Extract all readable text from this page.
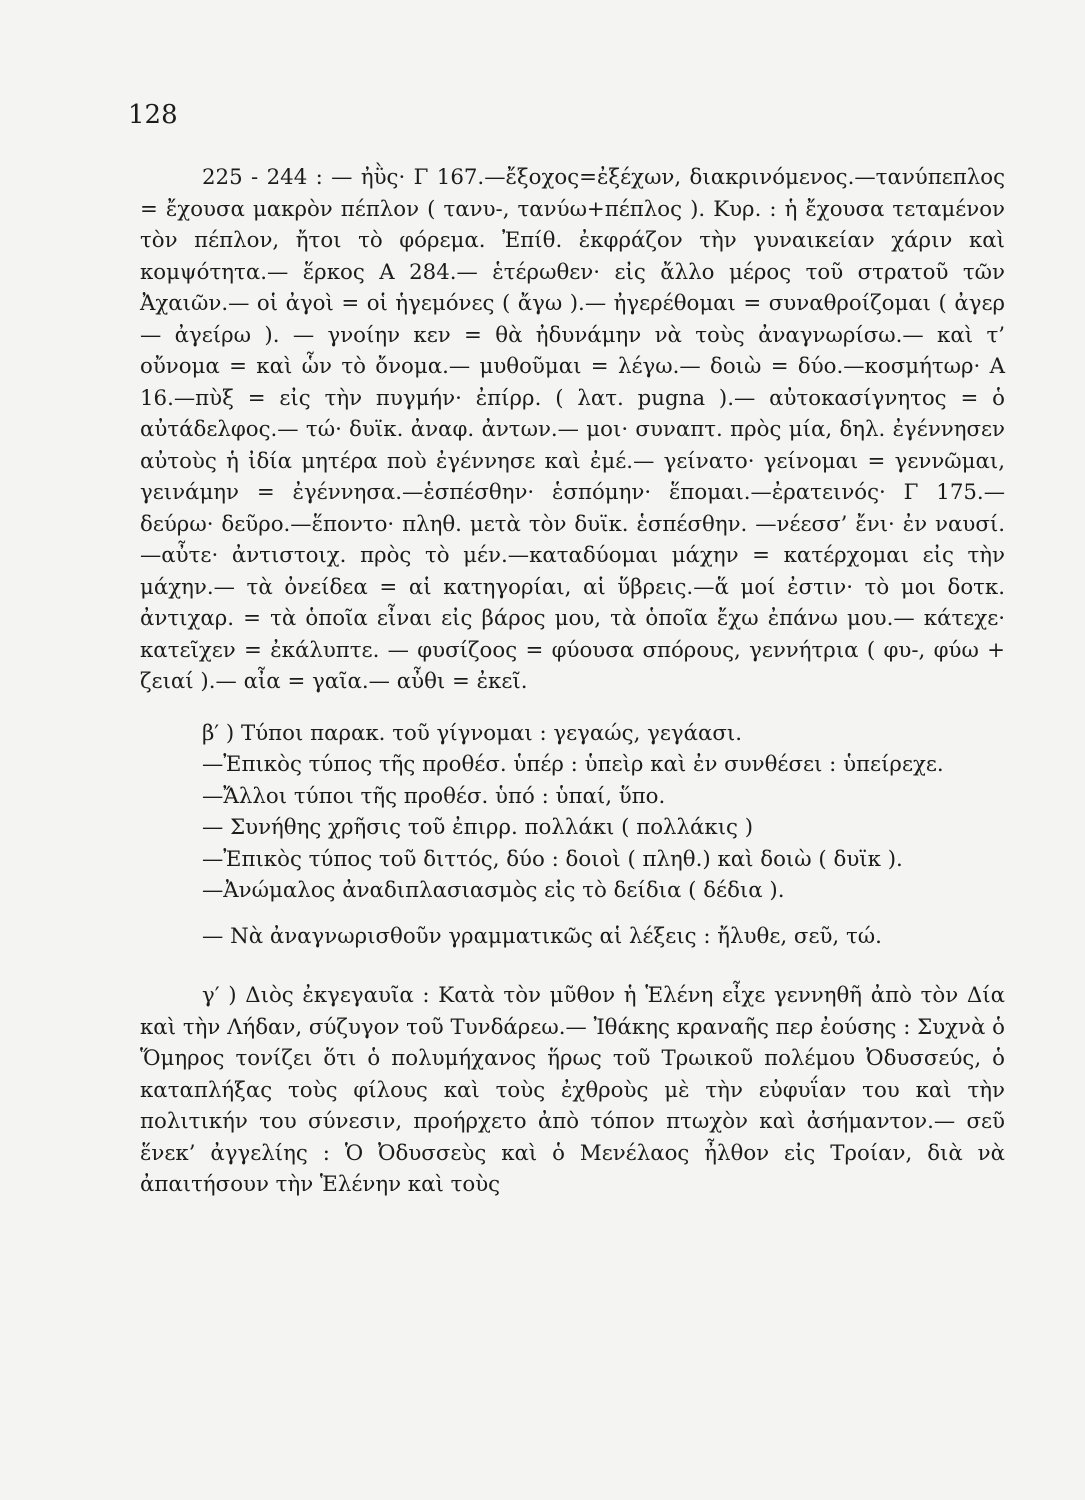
128

225 - 244 : — ἠῢς· Γ 167.—ἔξοχος=ἐξέχων, διακρινόμενος.—τανύπεπλος = ἔχουσα μακρὸν πέπλον ( τανυ-, τανύω+πέπλος ). Κυρ. : ἡ ἔχουσα τεταμένον τὸν πέπλον, ἤτοι τὸ φόρεμα. Ἐπίθ. ἐκφράζον τὴν γυναικείαν χάριν καὶ κομψότητα.— ἕρκος Α 284.— ἑτέρωθεν· εἰς ἄλλο μέρος τοῦ στρατοῦ τῶν Ἀχαιῶν.— οἱ ἀγοὶ = οἱ ἡγεμόνες ( ἄγω ).— ἠγερέθομαι = συναθροίζομαι ( ἀγερ — ἀγείρω ). — γνοίην κεν = θὰ ἠδυνάμην νὰ τοὺς ἀναγνωρίσω.— καὶ τ’ οὔνομα = καὶ ὧν τὸ ὄνομα.— μυθοῦμαι = λέγω.— δοιὼ = δύο.—κοσμήτωρ· Α 16.—πὺξ = εἰς τὴν πυγμήν· ἐπίρρ. ( λατ. pugna ).— αὐτοκασίγνητος = ὁ αὐτάδελφος.— τώ· δυϊκ. ἀναφ. ἀντων.— μοι· συναπτ. πρὸς μία, δηλ. ἐγέννησεν αὐτοὺς ἡ ἰδία μητέρα ποὺ ἐγέννησε καὶ ἐμέ.— γείνατο· γείνομαι = γεννῶμαι, γεινάμην = ἐγέννησα.—ἑσπέσθην· ἑσπόμην· ἕπομαι.—ἐρατεινός· Γ 175.—δεύρω· δεῦρο.—ἕποντο· πληθ. μετὰ τὸν δυϊκ. ἑσπέσθην. —νέεσσ’ ἔνι· ἐν ναυσί.—αὖτε· ἀντιστοιχ. πρὸς τὸ μέν.—καταδύομαι μάχην = κατέρχομαι εἰς τὴν μάχην.— τὰ ὀνείδεα = αἱ κατηγορίαι, αἱ ὕβρεις.—ἅ μοί ἐστιν· τὸ μοι δοτκ. ἀντιχαρ. = τὰ ὁποῖα εἶναι εἰς βάρος μου, τὰ ὁποῖα ἔχω ἐπάνω μου.— κάτεχε· κατεῖχεν = ἐκάλυπτε. — φυσίζοος = φύουσα σπόρους, γεννήτρια ( φυ-, φύω + ζειαί ).— αἶα = γαῖα.— αὖθι = ἐκεῖ.

β′ ) Τύποι παρακ. τοῦ γίγνομαι : γεγαώς, γεγάασι.

—Ἐπικὸς τύπος τῆς προθέσ. ὑπέρ : ὑπεὶρ καὶ ἐν συνθέσει : ὑπείρεχε.

—Ἄλλοι τύποι τῆς προθέσ. ὑπό : ὑπαί, ὕπο.

— Συνήθης χρῆσις τοῦ ἐπιρρ. πολλάκι ( πολλάκις )

—Ἐπικὸς τύπος τοῦ διττός, δύο : δοιοὶ ( πληθ.) καὶ δοιὼ ( δυϊκ ).

—Ἀνώμαλος ἀναδιπλασιασμὸς εἰς τὸ δείδια ( δέδια ).

— Νὰ ἀναγνωρισθοῦν γραμματικῶς αἱ λέξεις : ἤλυθε, σεῦ, τώ.

γ′ ) Διὸς ἐκγεγαυῖα : Κατὰ τὸν μῦθον ἡ Ἑλένη εἶχε γεννηθῆ ἀπὸ τὸν Δία καὶ τὴν Λήδαν, σύζυγον τοῦ Τυνδάρεω.— Ἰθάκης κραναῆς περ ἐούσης : Συχνὰ ὁ Ὅμηρος τονίζει ὅτι ὁ πολυμήχανος ἥρως τοῦ Τρωικοῦ πολέμου Ὀδυσσεύς, ὁ καταπλήξας τοὺς φίλους καὶ τοὺς ἐχθροὺς μὲ τὴν εὐφυΐαν του καὶ τὴν πολιτικήν του σύνεσιν, προήρχετο ἀπὸ τόπον πτωχὸν καὶ ἀσήμαντον.— σεῦ ἕνεκ’ ἀγγελίης : Ὁ Ὀδυσσεὺς καὶ ὁ Μενέλαος ἦλθον εἰς Τροίαν, διὰ νὰ ἀπαιτήσουν τὴν Ἑλένην καὶ τοὺς
